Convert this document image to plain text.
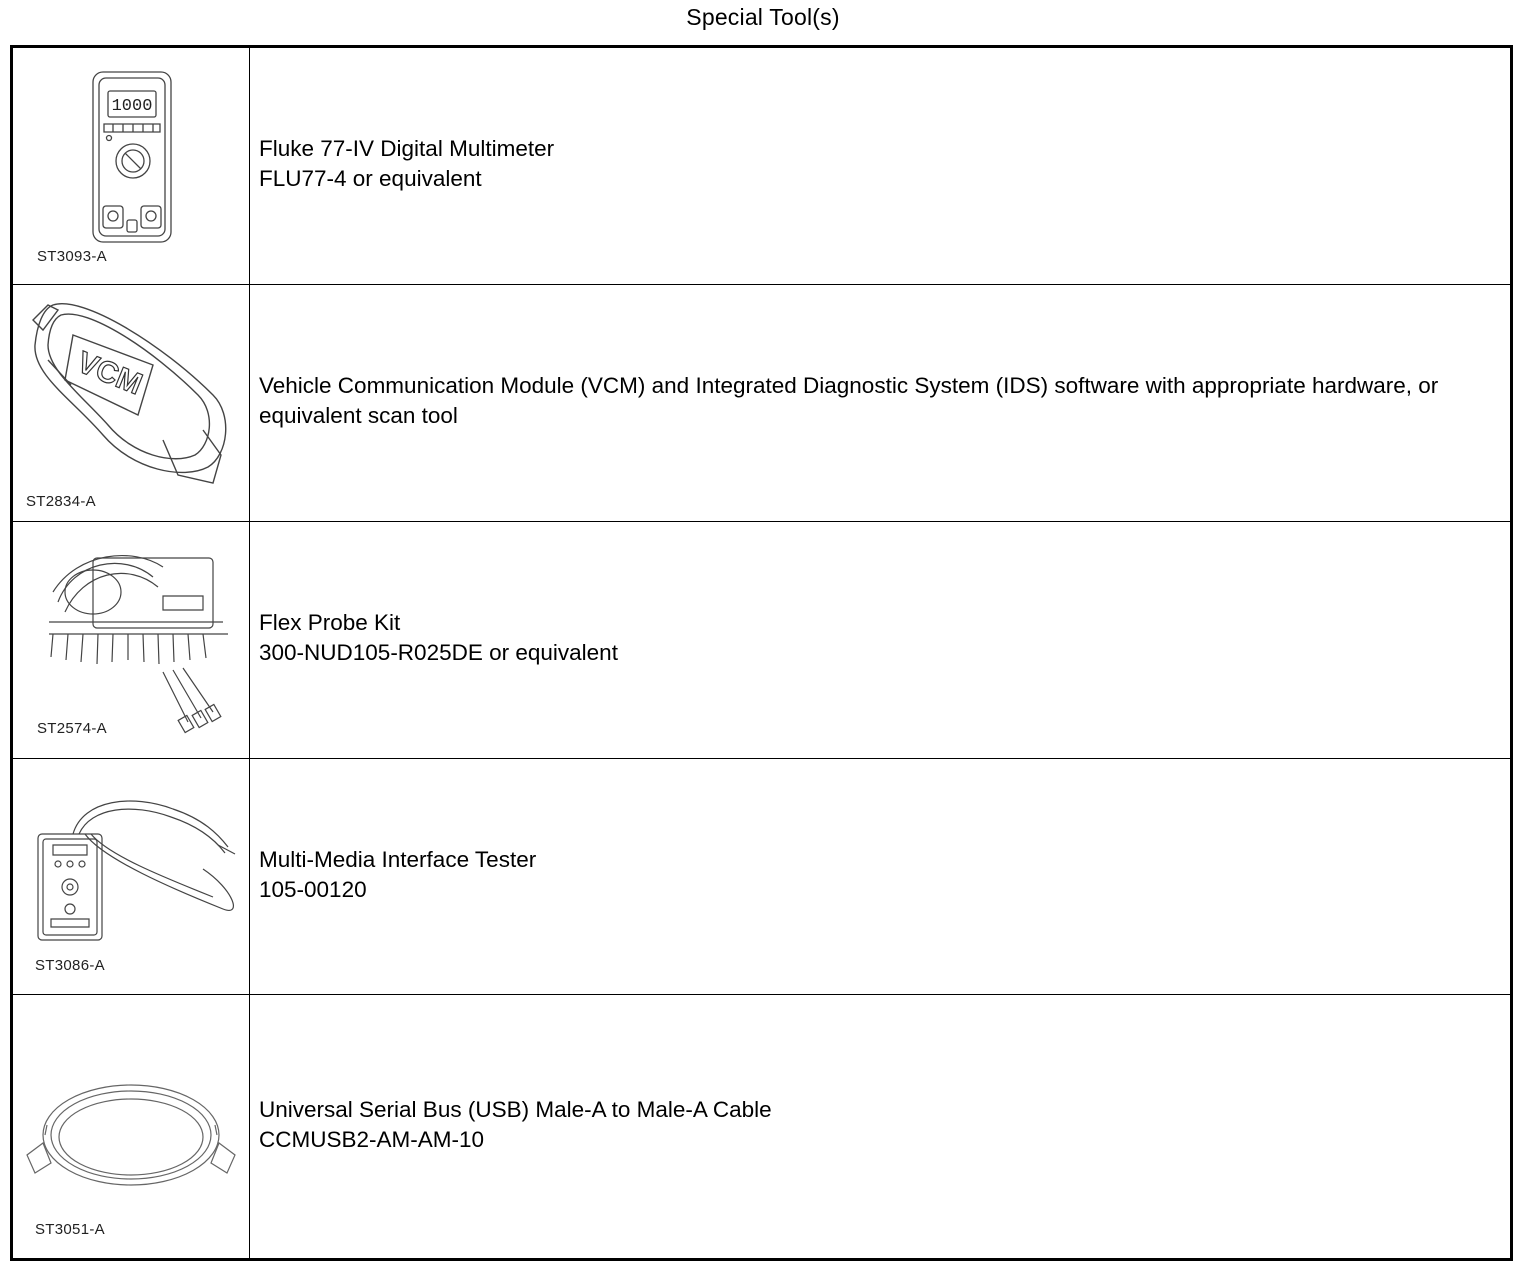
Special Tool(s)
1000
ST3093-A
Fluke 77-IV Digital Multimeter
FLU77-4 or equivalent
VCM
ST2834-A
Vehicle Communication Module (VCM) and Integrated Diagnostic System (IDS) software with appropriate hardware, or equivalent scan tool
ST2574-A
Flex Probe Kit
300-NUD105-R025DE or equivalent
ST3086-A
Multi-Media Interface Tester
105-00120
ST3051-A
Universal Serial Bus (USB) Male-A to Male-A Cable
CCMUSB2-AM-AM-10
